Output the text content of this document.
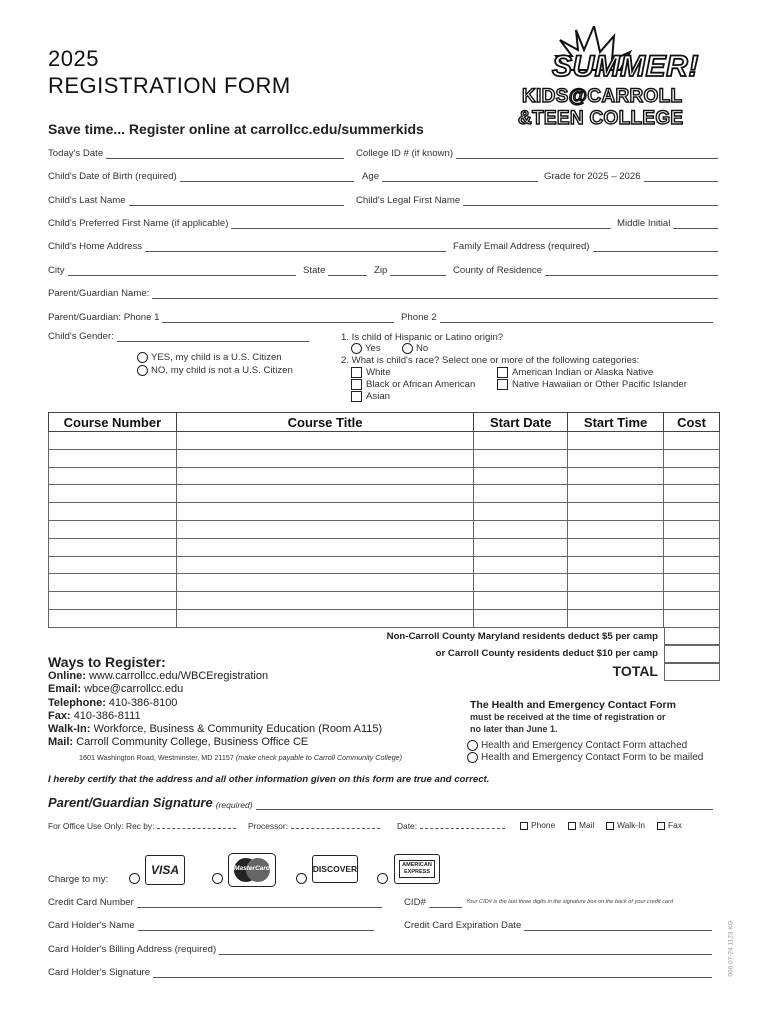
2025
REGISTRATION FORM
SUMMER!
KIDS@CARROLL
&TEEN COLLEGE
Save time... Register online at carrollcc.edu/summerkids
Today's Date	College ID # (if known)
Child's Date of Birth (required)	Age	Grade for 2025 – 2026
Child's Last Name	Child's Legal First Name
Child's Preferred First Name (if applicable)	Middle Initial
Child's Home Address	Family Email Address (required)
City	State	Zip	County of Residence
Parent/Guardian Name:
Parent/Guardian: Phone 1	Phone 2
Child's Gender:
YES, my child is a U.S. Citizen
NO, my child is not a U.S. Citizen
1. Is child of Hispanic or Latino origin?
Yes	No
2. What is child's race? Select one or more of the following categories:
White
Black or African American
Asian
American Indian or Alaska Native
Native Hawaiian or Other Pacific Islander
Course Number	Course Title	Start Date	Start Time	Cost

Non-Carroll County Maryland residents deduct $5 per camp
or Carroll County residents deduct $10 per camp
TOTAL
Ways to Register:
Online: www.carrollcc.edu/WBCEregistration
Email: wbce@carrollcc.edu
Telephone: 410-386-8100
Fax: 410-386-8111
Walk-In: Workforce, Business & Community Education (Room A115)
Mail: Carroll Community College, Business Office CE
1601 Washington Road, Westminster, MD 21157 (make check payable to Carroll Community College)
The Health and Emergency Contact Form
must be received at the time of registration or
no later than June 1.
Health and Emergency Contact Form attached
Health and Emergency Contact Form to be mailed
I hereby certify that the address and all other information given on this form are true and correct.
Parent/Guardian Signature (required)
For Office Use Only: Rec by:	Processor:	Date:	Phone	Mail	Walk-In	Fax
Charge to my:
VISA	MasterCard	DISCOVER	AMERICAN
EXPRESS
Credit Card Number	CID#	Your CID# is the last three digits in the signature box on the back of your credit card
Card Holder's Name	Credit Card Expiration Date
Card Holder's Billing Address (required)
Card Holder's Signature	066 07-24 1123 KG
